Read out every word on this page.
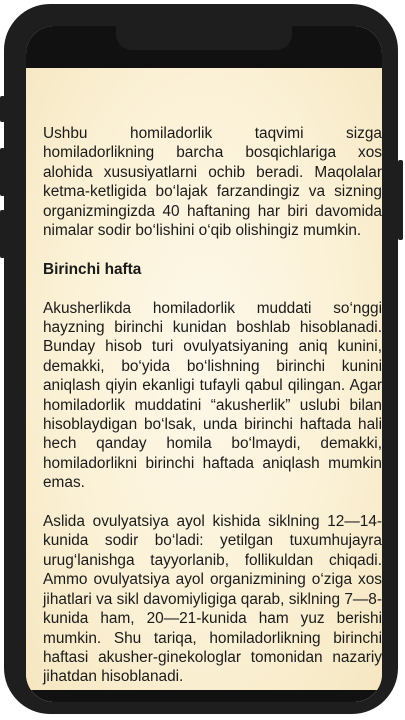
Ushbu homiladorlik taqvimi sizga homiladorlikning barcha bosqichlariga xos alohida xususiyatlarni ochib beradi. Maqolalar ketma-ketligida bo‘lajak farzandingiz va sizning organizmingizda 40 haftaning har biri davomida nimalar sodir bo‘lishini o‘qib olishingiz mumkin.

Birinchi hafta

Akusherlikda homiladorlik muddati so‘nggi hayzning birinchi kunidan boshlab hisoblanadi. Bunday hisob turi ovulyatsiyaning aniq kunini, demakki, bo‘yida bo‘lishning birinchi kunini aniqlash qiyin ekanligi tufayli qabul qilingan. Agar homiladorlik muddatini “akusherlik” uslubi bilan hisoblaydigan bo‘lsak, unda birinchi haftada hali hech qanday homila bo‘lmaydi, demakki, homiladorlikni birinchi haftada aniqlash mumkin emas.

Aslida ovulyatsiya ayol kishida siklning 12—14-kunida sodir bo‘ladi: yetilgan tuxumhujayra urug‘lanishga tayyorlanib, follikuldan chiqadi. Ammo ovulyatsiya ayol organizmining o‘ziga xos jihatlari va sikl davomiyligiga qarab, siklning 7—8-kunida ham, 20—21-kunida ham yuz berishi mumkin. Shu tariqa, homiladorlikning birinchi haftasi akusher-ginekologlar tomonidan nazariy jihatdan hisoblanadi.
